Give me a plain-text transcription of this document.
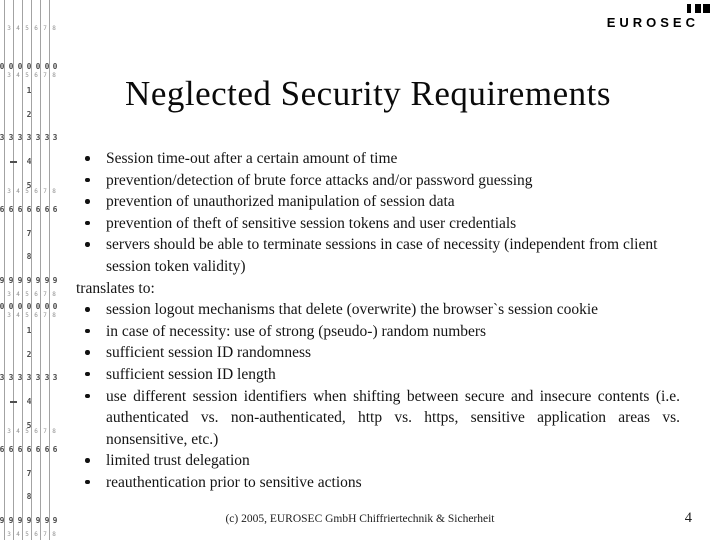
0 0 0 0 0 0 0
1
2
3 3 3 3 3 3 3
4
5
6 6 6 6 6 6 6
7
8
9 9 9 9 9 9 9
3 4 5 6 7 8
3 4 5 6 7 8
3 4 5 6 7 8
0 0 0 0 0 0 0
1
2
3 3 3 3 3 3 3
4
5
6 6 6 6 6 6 6
7
8
9 9 9 9 9 9 9
3 4 5 6 7 8
3 4 5 6 7 8
3 4 5 6 7 8
3 4 5 6 7 8	EUROSEC
Neglected Security Requirements
Session time-out after a certain amount of time
prevention/detection of brute force attacks and/or password guessing
prevention of unauthorized manipulation of session data
prevention of theft of sensitive session tokens and user credentials
servers should be able to terminate sessions in case of necessity (independent from client session token validity)
translates to:
session logout mechanisms that delete (overwrite) the browser`s session cookie
in case of necessity: use of strong (pseudo-) random numbers
sufficient session ID randomness
sufficient session ID length
use different session identifiers when shifting between secure and insecure contents (i.e. authenticated vs. non-authenticated, http vs. https, sensitive application areas vs. nonsensitive, etc.)
limited trust delegation
reauthentication prior to sensitive actions
(c) 2005, EUROSEC GmbH Chiffriertechnik & Sicherheit	4
